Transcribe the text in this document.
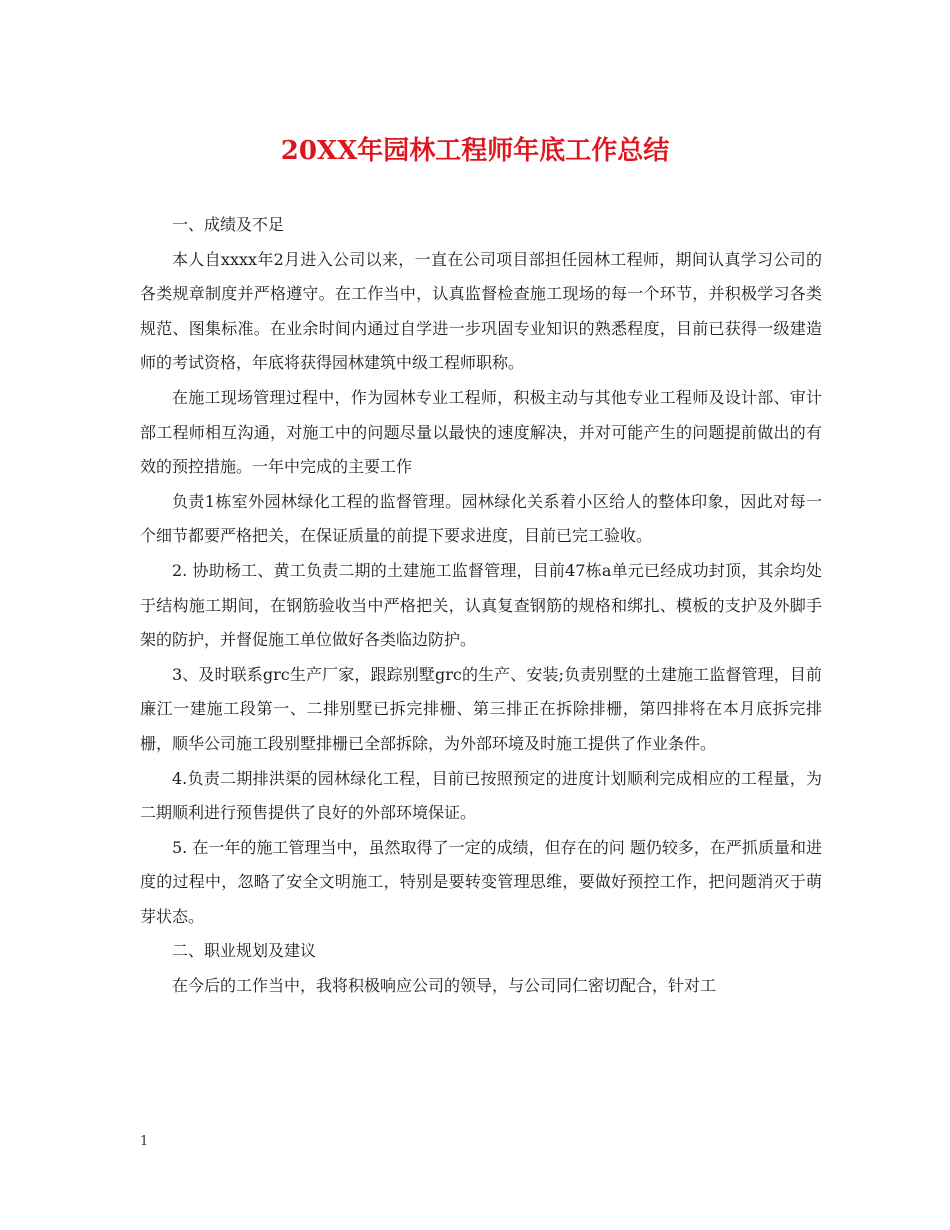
20XX年园林工程师年底工作总结

一、成绩及不足

本人自xxxx年2月进入公司以来，一直在公司项目部担任园林工程师，期间认真学习公司的各类规章制度并严格遵守。在工作当中，认真监督检查施工现场的每一个环节，并积极学习各类规范、图集标准。在业余时间内通过自学进一步巩固专业知识的熟悉程度，目前已获得一级建造师的考试资格，年底将获得园林建筑中级工程师职称。

在施工现场管理过程中，作为园林专业工程师，积极主动与其他专业工程师及设计部、审计部工程师相互沟通，对施工中的问题尽量以最快的速度解决，并对可能产生的问题提前做出的有效的预控措施。一年中完成的主要工作

负责1栋室外园林绿化工程的监督管理。园林绿化关系着小区给人的整体印象，因此对每一个细节都要严格把关，在保证质量的前提下要求进度，目前已完工验收。

2. 协助杨工、黄工负责二期的土建施工监督管理，目前47栋a单元已经成功封顶，其余均处于结构施工期间，在钢筋验收当中严格把关，认真复查钢筋的规格和绑扎、模板的支护及外脚手架的防护，并督促施工单位做好各类临边防护。

3、及时联系grc生产厂家，跟踪别墅grc的生产、安装;负责别墅的土建施工监督管理，目前廉江一建施工段第一、二排别墅已拆完排栅、第三排正在拆除排栅，第四排将在本月底拆完排栅，顺华公司施工段别墅排栅已全部拆除，为外部环境及时施工提供了作业条件。

4.负责二期排洪渠的园林绿化工程，目前已按照预定的进度计划顺利完成相应的工程量，为二期顺利进行预售提供了良好的外部环境保证。

5. 在一年的施工管理当中，虽然取得了一定的成绩，但存在的问 题仍较多，在严抓质量和进度的过程中，忽略了安全文明施工，特别是要转变管理思维，要做好预控工作，把问题消灭于萌芽状态。

二、职业规划及建议

在今后的工作当中，我将积极响应公司的领导，与公司同仁密切配合，针对工

1
